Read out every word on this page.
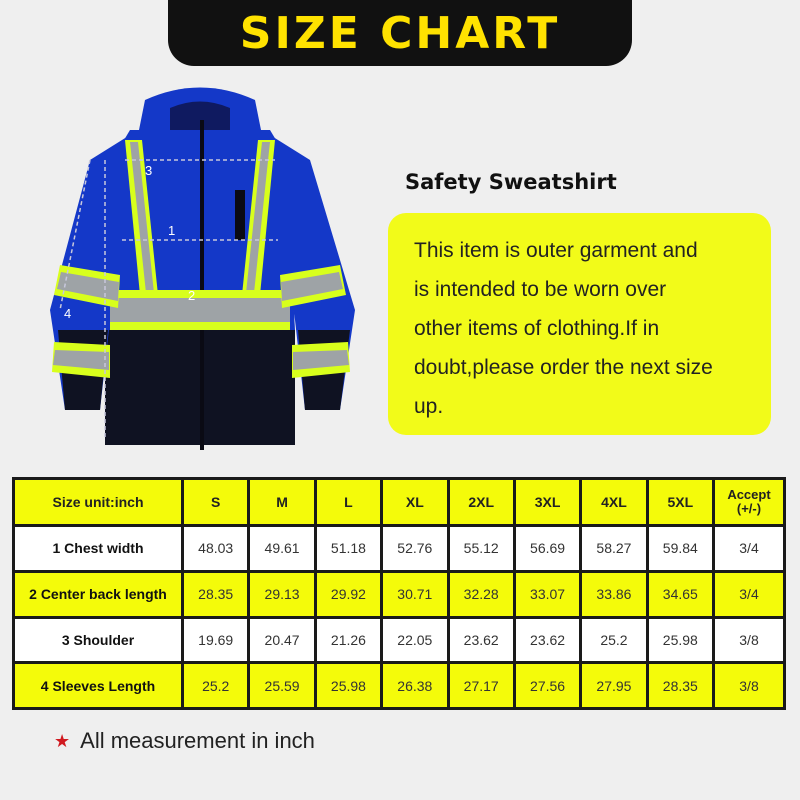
SIZE CHART
3
1
2
4
Safety Sweatshirt
This item is outer garment and
is intended to be worn over
other items of clothing.If in
doubt,please order the next size
up.
Size unit:inch	S	M	L	XL	2XL	3XL	4XL	5XL	Accept
(+/-)

1 Chest width	48.03	49.61	51.18	52.76	55.12	56.69	58.27	59.84	3/4
2 Center back length	28.35	29.13	29.92	30.71	32.28	33.07	33.86	34.65	3/4
3 Shoulder	19.69	20.47	21.26	22.05	23.62	23.62	25.2	25.98	3/8
4 Sleeves Length	25.2	25.59	25.98	26.38	27.17	27.56	27.95	28.35	3/8
★ All measurement in inch
